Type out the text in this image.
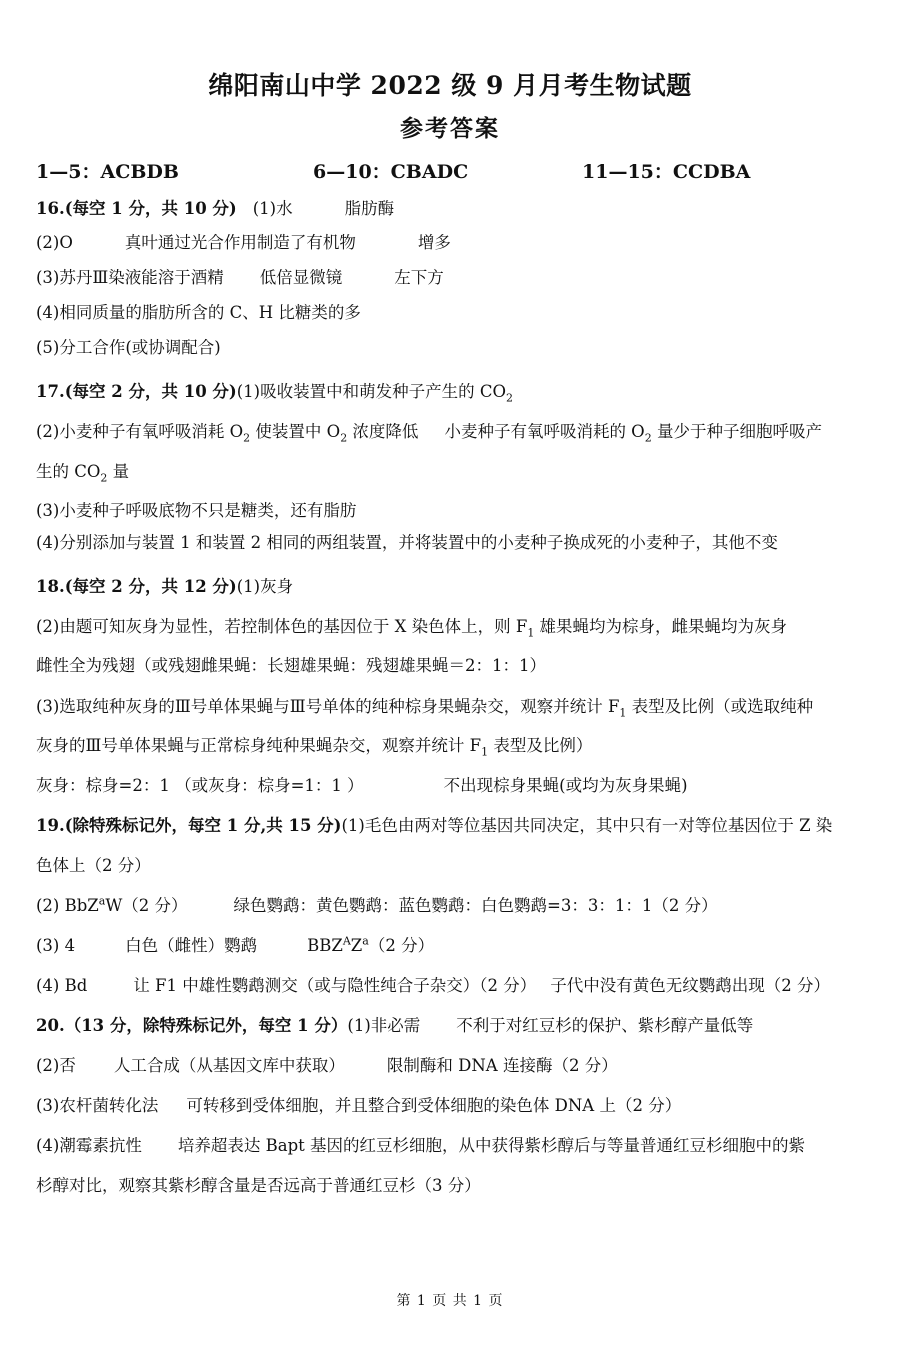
绵阳南山中学 2022 级 9 月月考生物试题
参考答案
1—5：ACBDB	6—10：CBADC	11—15：CCDBA
16.(每空 1 分，共 10 分) (1)水	脂肪酶
(2)O	真叶通过光合作用制造了有机物	增多
(3)苏丹Ⅲ染液能溶于酒精 低倍显微镜	左下方
(4)相同质量的脂肪所含的 C、H 比糖类的多
(5)分工合作(或协调配合)
17.(每空 2 分，共 10 分)(1)吸收装置中和萌发种子产生的 $CO_2$
(2)小麦种子有氧呼吸消耗 $O_2$ 使装置中 $O_2$ 浓度降低 小麦种子有氧呼吸消耗的 $O_2$ 量少于种子细胞呼吸产
生的 $CO_2$ 量
(3)小麦种子呼吸底物不只是糖类，还有脂肪
(4)分别添加与装置 1 和装置 2 相同的两组装置，并将装置中的小麦种子换成死的小麦种子，其他不变
18.(每空 2 分，共 12 分)(1)灰身
(2)由题可知灰身为显性，若控制体色的基因位于 X 染色体上，则 $F_1$ 雄果蝇均为棕身，雌果蝇均为灰身
雌性全为残翅（或残翅雌果蝇：长翅雄果蝇：残翅雄果蝇＝2：1：1）
(3)选取纯种灰身的Ⅲ号单体果蝇与Ⅲ号单体的纯种棕身果蝇杂交，观察并统计 $F_1$ 表型及比例（或选取纯种
灰身的Ⅲ号单体果蝇与正常棕身纯种果蝇杂交，观察并统计 $F_1$ 表型及比例）
灰身：棕身=2：1 （或灰身：棕身=1：1 ）	不出现棕身果蝇(或均为灰身果蝇)
19.(除特殊标记外，每空 1 分,共 15 分)(1)毛色由两对等位基因共同决定，其中只有一对等位基因位于 Z 染
色体上（2 分）
(2) BbZ$^a$W（2 分）	绿色鹦鹉：黄色鹦鹉：蓝色鹦鹉：白色鹦鹉=3：3：1：1（2 分）
(3) 4	白色（雌性）鹦鹉	$BBZ^AZ^a(2$ 分）
(4) Bd	让 F1 中雄性鹦鹉测交（或与隐性纯合子杂交）（2 分） 子代中没有黄色无纹鹦鹉出现（2 分）
20.（13 分，除特殊标记外，每空 1 分）(1)非必需 不利于对红豆杉的保护、紫杉醇产量低等
(2)否 人工合成（从基因文库中获取）	限制酶和 DNA 连接酶（2 分）
(3)农杆菌转化法 可转移到受体细胞，并且整合到受体细胞的染色体 DNA 上（2 分）
(4)潮霉素抗性 培养超表达 Bapt 基因的红豆杉细胞，从中获得紫杉醇后与等量普通红豆杉细胞中的紫
杉醇对比，观察其紫杉醇含量是否远高于普通红豆杉（3 分）
第 1 页 共 1 页
